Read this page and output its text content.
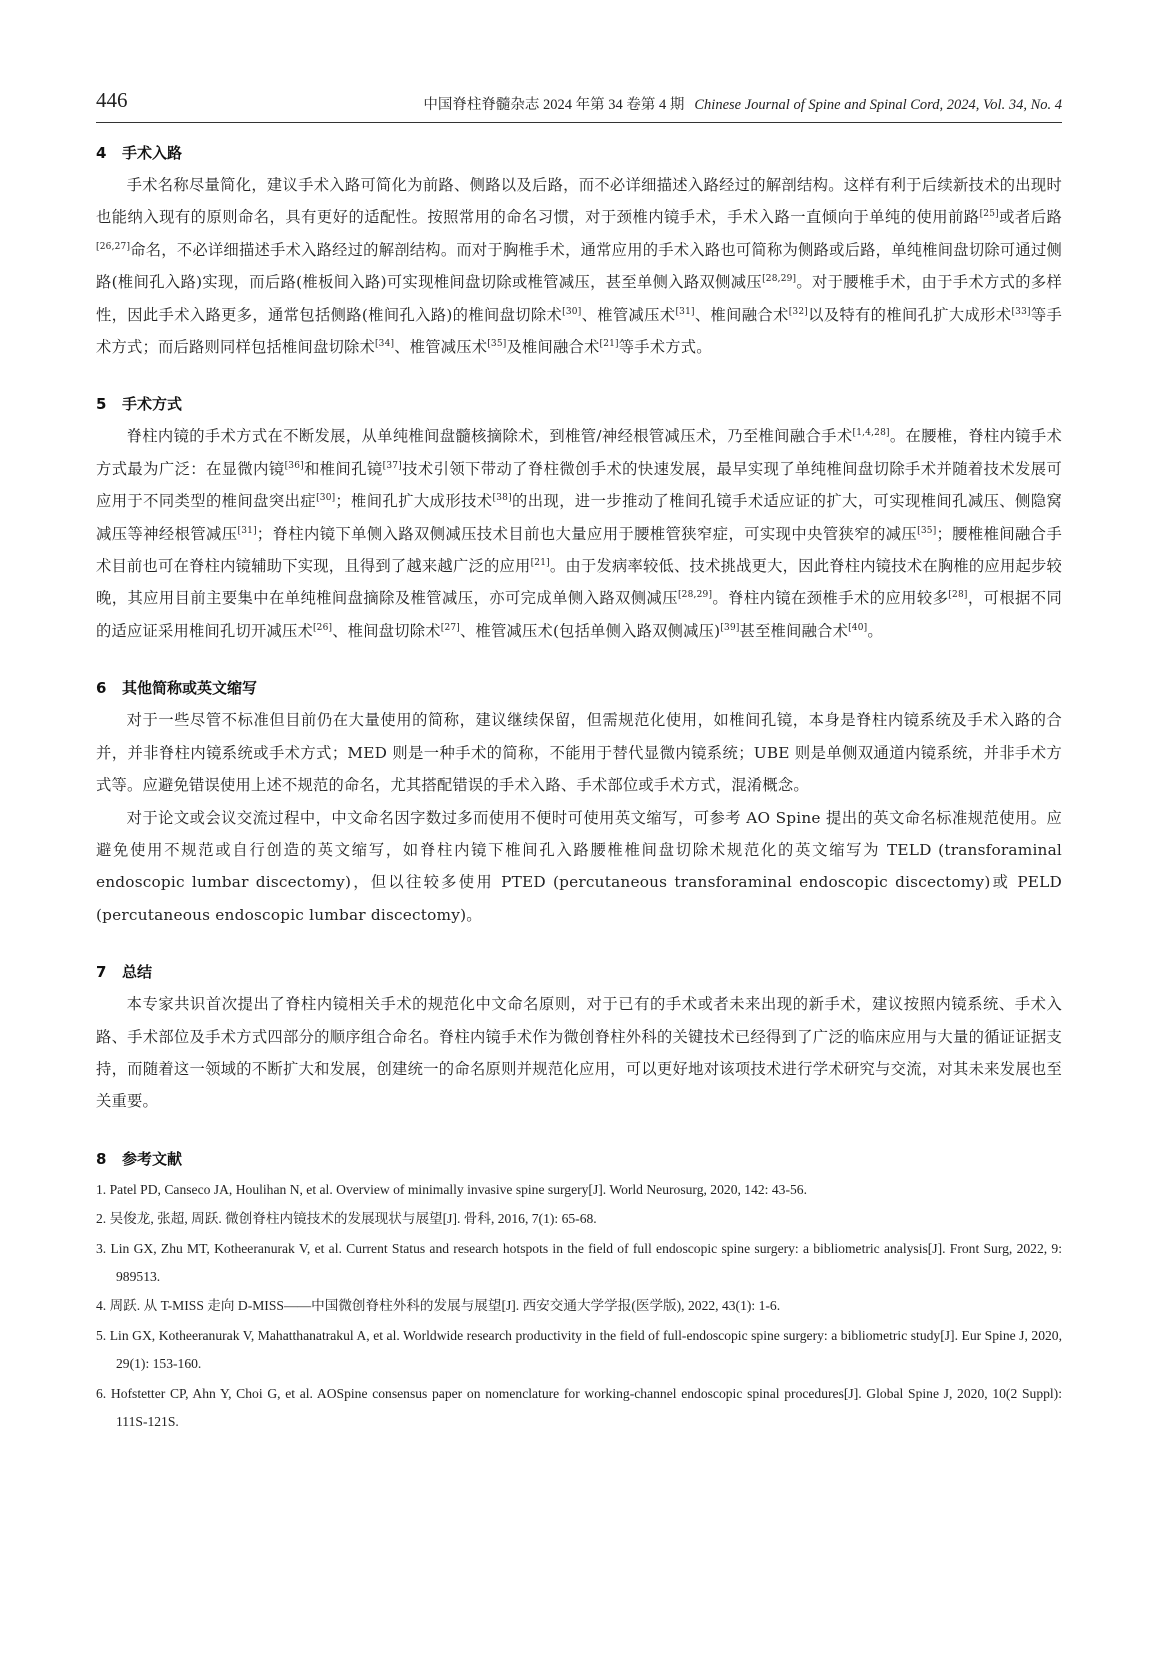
446	中国脊柱脊髓杂志 2024 年第 34 卷第 4 期 Chinese Journal of Spine and Spinal Cord, 2024, Vol. 34, No. 4
4 手术入路

手术名称尽量简化，建议手术入路可简化为前路、侧路以及后路，而不必详细描述入路经过的解剖结构。这样有利于后续新技术的出现时也能纳入现有的原则命名，具有更好的适配性。按照常用的命名习惯，对于颈椎内镜手术，手术入路一直倾向于单纯的使用前路[25]或者后路[26,27]命名，不必详细描述手术入路经过的解剖结构。而对于胸椎手术，通常应用的手术入路也可简称为侧路或后路，单纯椎间盘切除可通过侧路(椎间孔入路)实现，而后路(椎板间入路)可实现椎间盘切除或椎管减压，甚至单侧入路双侧减压[28,29]。对于腰椎手术，由于手术方式的多样性，因此手术入路更多，通常包括侧路(椎间孔入路)的椎间盘切除术[30]、椎管减压术[31]、椎间融合术[32]以及特有的椎间孔扩大成形术[33]等手术方式；而后路则同样包括椎间盘切除术[34]、椎管减压术[35]及椎间融合术[21]等手术方式。

5 手术方式

脊柱内镜的手术方式在不断发展，从单纯椎间盘髓核摘除术，到椎管/神经根管减压术，乃至椎间融合手术[1,4,28]。在腰椎，脊柱内镜手术方式最为广泛：在显微内镜[36]和椎间孔镜[37]技术引领下带动了脊柱微创手术的快速发展，最早实现了单纯椎间盘切除手术并随着技术发展可应用于不同类型的椎间盘突出症[30]；椎间孔扩大成形技术[38]的出现，进一步推动了椎间孔镜手术适应证的扩大，可实现椎间孔减压、侧隐窝减压等神经根管减压[31]；脊柱内镜下单侧入路双侧减压技术目前也大量应用于腰椎管狭窄症，可实现中央管狭窄的减压[35]；腰椎椎间融合手术目前也可在脊柱内镜辅助下实现，且得到了越来越广泛的应用[21]。由于发病率较低、技术挑战更大，因此脊柱内镜技术在胸椎的应用起步较晚，其应用目前主要集中在单纯椎间盘摘除及椎管减压，亦可完成单侧入路双侧减压[28,29]。脊柱内镜在颈椎手术的应用较多[28]，可根据不同的适应证采用椎间孔切开减压术[26]、椎间盘切除术[27]、椎管减压术(包括单侧入路双侧减压)[39]甚至椎间融合术[40]。

6 其他简称或英文缩写

对于一些尽管不标准但目前仍在大量使用的简称，建议继续保留，但需规范化使用，如椎间孔镜，本身是脊柱内镜系统及手术入路的合并，并非脊柱内镜系统或手术方式；MED 则是一种手术的简称，不能用于替代显微内镜系统；UBE 则是单侧双通道内镜系统，并非手术方式等。应避免错误使用上述不规范的命名，尤其搭配错误的手术入路、手术部位或手术方式，混淆概念。

对于论文或会议交流过程中，中文命名因字数过多而使用不便时可使用英文缩写，可参考 AO Spine 提出的英文命名标准规范使用。应避免使用不规范或自行创造的英文缩写，如脊柱内镜下椎间孔入路腰椎椎间盘切除术规范化的英文缩写为 TELD (transforaminal endoscopic lumbar discectomy)，但以往较多使用 PTED (percutaneous transforaminal endoscopic discectomy)或 PELD (percutaneous endoscopic lumbar discectomy)。

7 总结

本专家共识首次提出了脊柱内镜相关手术的规范化中文命名原则，对于已有的手术或者未来出现的新手术，建议按照内镜系统、手术入路、手术部位及手术方式四部分的顺序组合命名。脊柱内镜手术作为微创脊柱外科的关键技术已经得到了广泛的临床应用与大量的循证证据支持，而随着这一领域的不断扩大和发展，创建统一的命名原则并规范化应用，可以更好地对该项技术进行学术研究与交流，对其未来发展也至关重要。

8 参考文献
1. Patel PD, Canseco JA, Houlihan N, et al. Overview of minimally invasive spine surgery[J]. World Neurosurg, 2020, 142: 43-56.
2. 吴俊龙, 张超, 周跃. 微创脊柱内镜技术的发展现状与展望[J]. 骨科, 2016, 7(1): 65-68.
3. Lin GX, Zhu MT, Kotheeranurak V, et al. Current Status and research hotspots in the field of full endoscopic spine surgery: a bibliometric analysis[J]. Front Surg, 2022, 9: 989513.
4. 周跃. 从 T-MISS 走向 D-MISS——中国微创脊柱外科的发展与展望[J]. 西安交通大学学报(医学版), 2022, 43(1): 1-6.
5. Lin GX, Kotheeranurak V, Mahatthanatrakul A, et al. Worldwide research productivity in the field of full-endoscopic spine surgery: a bibliometric study[J]. Eur Spine J, 2020, 29(1): 153-160.
6. Hofstetter CP, Ahn Y, Choi G, et al. AOSpine consensus paper on nomenclature for working-channel endoscopic spinal procedures[J]. Global Spine J, 2020, 10(2 Suppl): 111S-121S.
